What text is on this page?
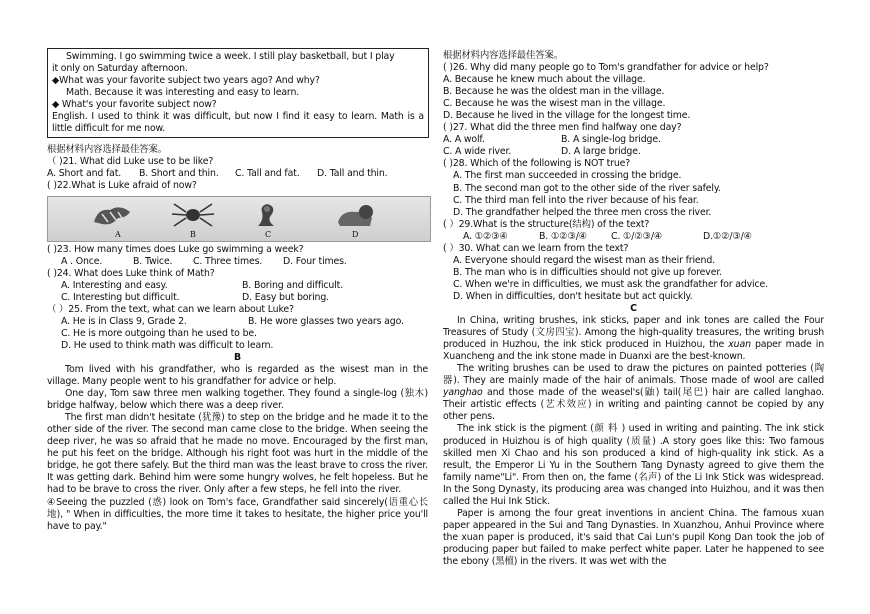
Swimming. I go swimming twice a week. I still play basketball, but I play
it only on Saturday afternoon.
◆What was your favorite subject two years ago? And why?
Math. Because it was interesting and easy to learn.
◆ What's your favorite subject now?
English. I used to think it was difficult, but now I find it easy to learn. Math is a little difficult for me now.
根据材料内容选择最佳答案。
（ )21. What did Luke use to be like?
A. Short and fat.	B. Short and thin.	C. Tall and fat.	D. Tall and thin.
( )22.What is Luke afraid of now?
A	B	C	D
( )23. How many times does Luke go swimming a week?
A . Once.	B. Twice.	C. Three times.	D. Four times.
( )24. What does Luke think of Math?
A. Interesting and easy.	B. Boring and difficult.
C. Interesting but difficult.	D. Easy but boring.
（ ）25. From the text, what can we learn about Luke?
A. He is in Class 9, Grade 2.	B. He wore glasses two years ago.
C. He is more outgoing than he used to be.
D. He used to think math was difficult to learn.
B
Tom lived with his grandfather, who is regarded as the wisest man in the village. Many people went to his grandfather for advice or help.
One day, Tom saw three men walking together. They found a single-log (独木) bridge halfway, below which there was a deep river.
The first man didn't hesitate (犹豫) to step on the bridge and he made it to the other side of the river. The second man came close to the bridge. When seeing the deep river, he was so afraid that he made no move. Encouraged by the first man, he put his feet on the bridge. Although his right foot was hurt in the middle of the bridge, he got there safely. But the third man was the least brave to cross the river. It was getting dark. Behind him were some hungry wolves, he felt hopeless. But he had to be brave to cross the river. Only after a few steps, he fell into the river.
④Seeing the puzzled (惑) look on Tom's face, Grandfather said sincerely(语重心长地), " When in difficulties, the more time it takes to hesitate, the higher price you'll have to pay."
根据材料内容选择最佳答案。
( )26. Why did many people go to Tom's grandfather for advice or help?
A. Because he knew much about the village.
B. Because he was the oldest man in the village.
C. Because he was the wisest man in the village.
D. Because he lived in the village for the longest time.
( )27. What did the three men find halfway one day?
A. A wolf.	B. A single-log bridge.
C. A wide river.	D. A large bridge.
( )28. Which of the following is NOT true?
A. The first man succeeded in crossing the bridge.
B. The second man got to the other side of the river safely.
C. The third man fell into the river because of his fear.
D. The grandfather helped the three men cross the river.
( ）29.What is the structure(结构) of the text?
A. ①②③④	B. ①②③/④	C. ①/②③/④	D.①②/③/④
( ）30. What can we learn from the text?
A. Everyone should regard the wisest man as their friend.
B. The man who is in difficulties should not give up forever.
C. When we're in difficulties, we must ask the grandfather for advice.
D. When in difficulties, don't hesitate but act quickly.
C
In China, writing brushes, ink sticks, paper and ink tones are called the Four Treasures of Study (文房四宝). Among the high-quality treasures, the writing brush produced in Huzhou, the ink stick produced in Huizhou, the xuan paper made in Xuancheng and the ink stone made in Duanxi are the best-known.
The writing brushes can be used to draw the pictures on painted potteries (陶器). They are mainly made of the hair of animals. Those made of wool are called yanghao and those made of the weasel's(鼬) tail(尾巴) hair are called langhao. Their artistic effects (艺术效应) in writing and painting cannot be copied by any other pens.
The ink stick is the pigment (颜 料 ) used in writing and painting. The ink stick produced in Huizhou is of high quality (质量) .A story goes like this: Two famous skilled men Xi Chao and his son produced a kind of high-quality ink stick. As a result, the Emperor Li Yu in the Southern Tang Dynasty agreed to give them the family name"Li". From then on, the fame (名声) of the Li Ink Stick was widespread. In the Song Dynasty, its producing area was changed into Huizhou, and it was then called the Hui Ink Stick.
Paper is among the four great inventions in ancient China. The famous xuan paper appeared in the Sui and Tang Dynasties. In Xuanzhou, Anhui Province where the xuan paper is produced, it's said that Cai Lun's pupil Kong Dan took the job of producing paper but failed to make perfect white paper. Later he happened to see the ebony (黑檀) in the rivers. It was wet with the
